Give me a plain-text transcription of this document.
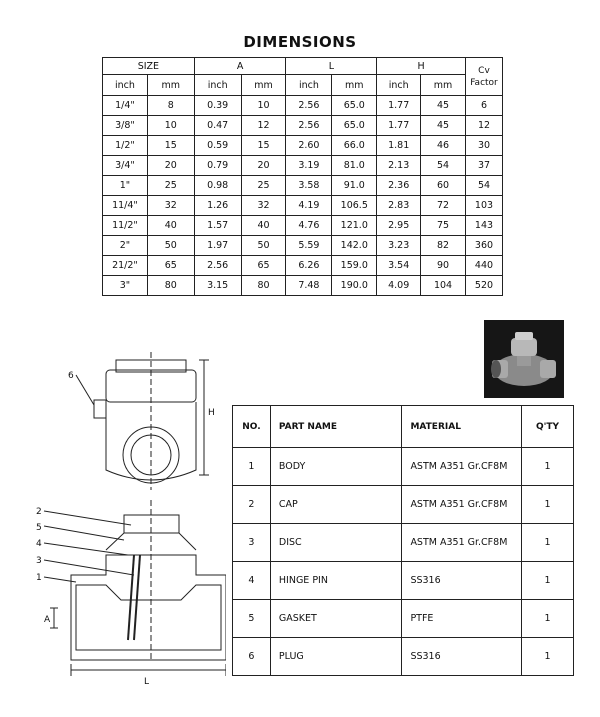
DIMENSIONS
SIZE		A		L		H		Cv
Factor
inch	mm	inch	mm	inch	mm	inch	mm	
1/4"	8	0.39	10	2.56	65.0	1.77	45	6
3/8"	10	0.47	12	2.56	65.0	1.77	45	12
1/2"	15	0.59	15	2.60	66.0	1.81	46	30
3/4"	20	0.79	20	3.19	81.0	2.13	54	37
1"	25	0.98	25	3.58	91.0	2.36	60	54
11/4"	32	1.26	32	4.19	106.5	2.83	72	103
11/2"	40	1.57	40	4.76	121.0	2.95	75	143
2"	50	1.97	50	5.59	142.0	3.23	82	360
21/2"	65	2.56	65	6.26	159.0	3.54	90	440
3"	80	3.15	80	7.48	190.0	4.09	104	520
6
H
2
5
4
3
1
A
L
NO.	PART NAME	MATERIAL	Q'TY
1	BODY	ASTM A351 Gr.CF8M	1
2	CAP	ASTM A351 Gr.CF8M	1
3	DISC	ASTM A351 Gr.CF8M	1
4	HINGE PIN	SS316	1
5	GASKET	PTFE	1
6	PLUG	SS316	1
